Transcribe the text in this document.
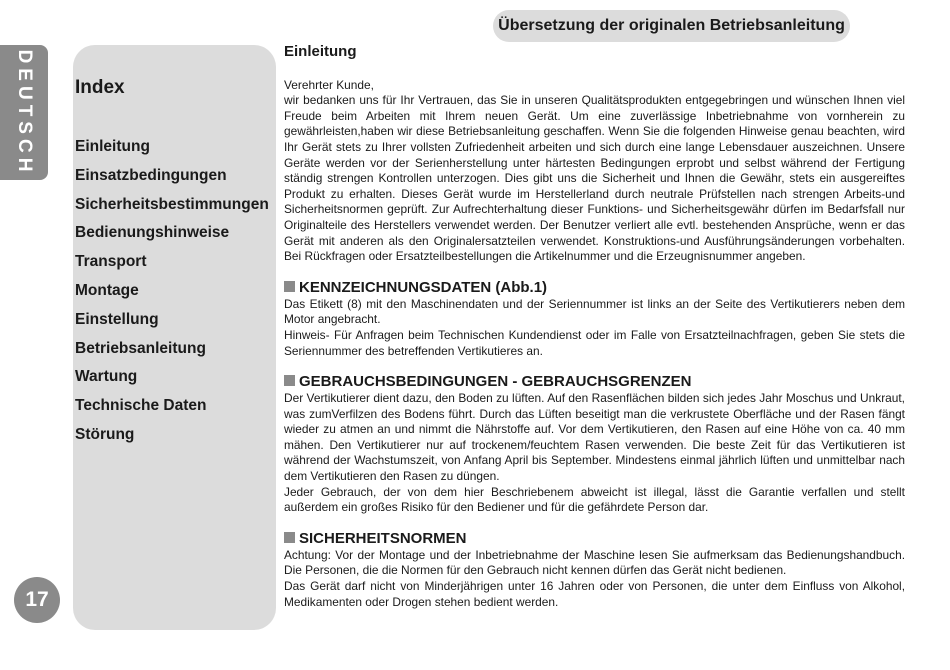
DEUTSCH
17
Übersetzung der originalen Betriebsanleitung
Index
Einleitung
Einsatzbedingungen
Sicherheitsbestimmungen
Bedienungshinweise
Transport
Montage
Einstellung
Betriebsanleitung
Wartung
Technische Daten
Störung
Einleitung

Verehrter Kunde,

wir bedanken uns für Ihr Vertrauen, das Sie in unseren Qualitätsprodukten entgegebringen und wünschen Ihnen viel Freude beim Arbeiten mit Ihrem neuen Gerät. Um eine zuverlässige Inbetriebnahme von vornherein zu gewährleisten,haben wir diese Betriebsanleitung geschaffen. Wenn Sie die folgenden Hinweise genau beachten, wird Ihr Gerät stets zu Ihrer vollsten Zufriedenheit arbeiten und sich durch eine lange Lebensdauer auszeichnen. Unsere Geräte werden vor der Serienherstellung unter härtesten Bedingungen erprobt und selbst während der Fertigung ständig strengen Kontrollen unterzogen. Dies gibt uns die Sicherheit und Ihnen die Gewähr, stets ein ausgereiftes Produkt zu erhalten. Dieses Gerät wurde im Herstellerland durch neutrale Prüfstellen nach strengen Arbeits-und Sicherheitsnormen geprüft. Zur Aufrechterhaltung dieser Funktions- und Sicherheitsgewähr dürfen im Bedarfsfall nur Originalteile des Herstellers verwendet werden. Der Benutzer verliert alle evtl. bestehenden Ansprüche, wenn er das Gerät mit anderen als den Originalersatzteilen verwendet. Konstruktions-und Ausführungsänderungen vorbehalten. Bei Rückfragen oder Ersatzteilbestellungen die Artikelnummer und die Erzeugnisnummer angeben.

KENNZEICHNUNGSDATEN (Abb.1)

Das Etikett (8) mit den Maschinendaten und der Seriennummer ist links an der Seite des Vertikutierers neben dem Motor angebracht.

Hinweis- Für Anfragen beim Technischen Kundendienst oder im Falle von Ersatzteilnachfragen, geben Sie stets die Seriennummer des betreffenden Vertikutieres an.

GEBRAUCHSBEDINGUNGEN - GEBRAUCHSGRENZEN

Der Vertikutierer dient dazu, den Boden zu lüften. Auf den Rasenflächen bilden sich jedes Jahr Moschus und Unkraut, was zumVerfilzen des Bodens führt. Durch das Lüften beseitigt man die verkrustete Oberfläche und der Rasen fängt wieder zu atmen an und nimmt die Nährstoffe auf. Vor dem Vertikutieren, den Rasen auf eine Höhe von ca. 40 mm mähen. Den Vertikutierer nur auf trockenem/feuchtem Rasen verwenden. Die beste Zeit für das Vertikutieren ist während der Wachstumszeit, von Anfang April bis September. Mindestens einmal jährlich lüften und unmittelbar nach dem Vertikutieren den Rasen zu düngen.

Jeder Gebrauch, der von dem hier Beschriebenem abweicht ist illegal, lässt die Garantie verfallen und stellt außerdem ein großes Risiko für den Bediener und für die gefährdete Person dar.

SICHERHEITSNORMEN

Achtung: Vor der Montage und der Inbetriebnahme der Maschine lesen Sie aufmerksam das Bedienungshandbuch. Die Personen, die die Normen für den Gebrauch nicht kennen dürfen das Gerät nicht bedienen.

Das Gerät darf nicht von Minderjährigen unter 16 Jahren oder von Personen, die unter dem Einfluss von Alkohol, Medikamenten oder Drogen stehen bedient werden.
